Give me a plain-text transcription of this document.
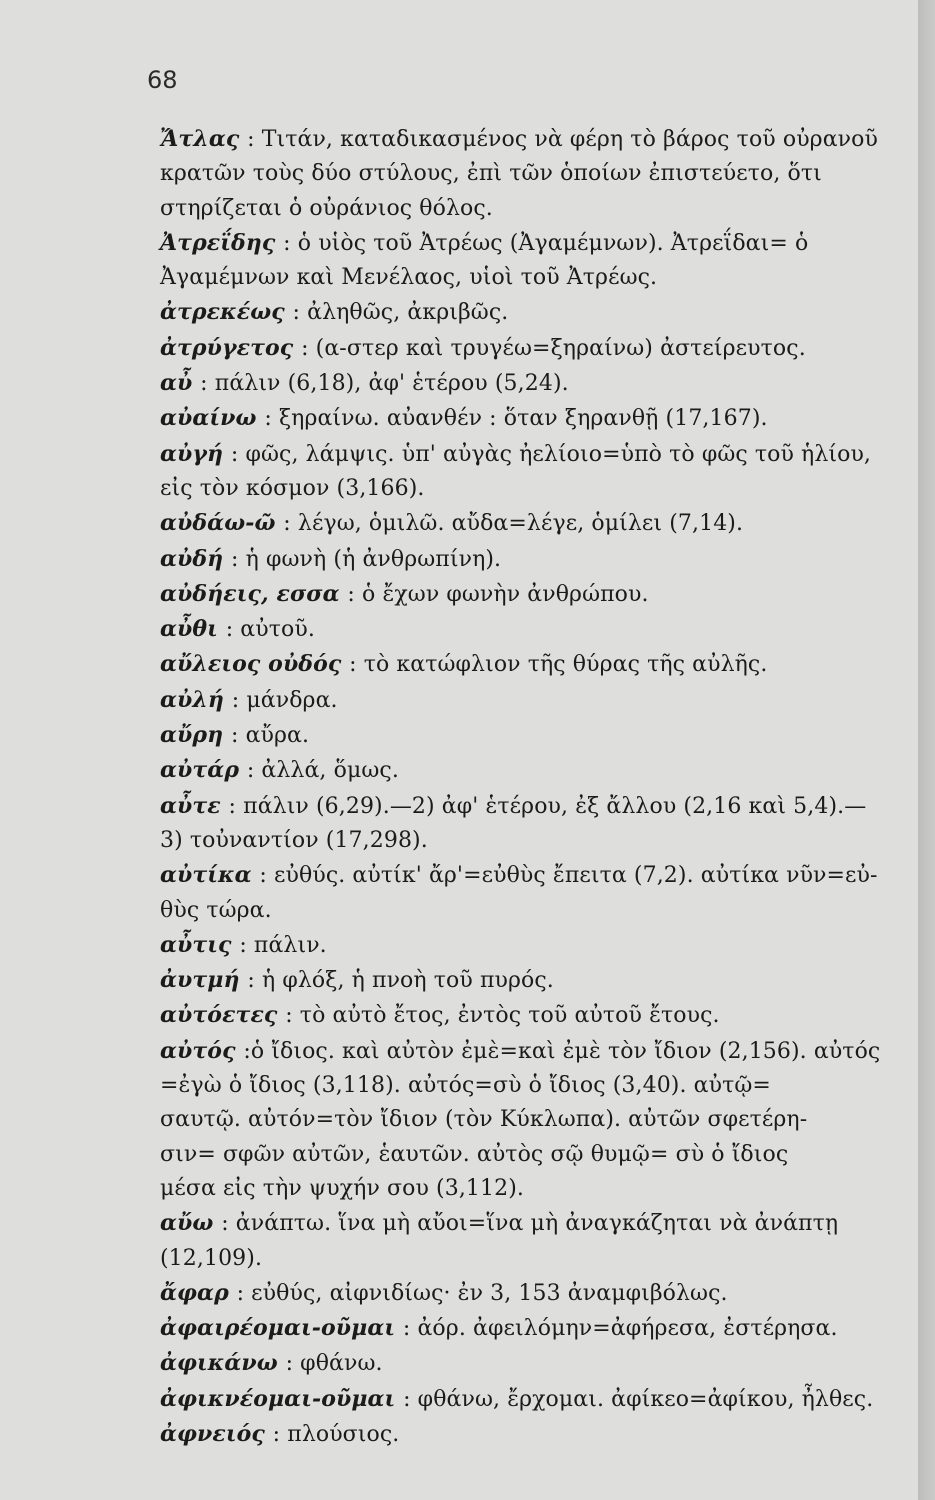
68
Ἄτλας : Τιτάν, καταδικασμένος νὰ φέρη τὸ βάρος τοῦ οὐρανοῦ
κρατῶν τοὺς δύο στύλους, ἐπὶ τῶν ὁποίων ἐπιστεύετο, ὅτι
στηρίζεται ὁ οὐράνιος θόλος.
Ἀτρεΐδης : ὁ υἱὸς τοῦ Ἀτρέως (Ἀγαμέμνων). Ἀτρεΐδαι= ὁ
Ἀγαμέμνων καὶ Μενέλαος, υἱοὶ τοῦ Ἀτρέως.
ἀτρεκέως : ἀληθῶς, ἀκριβῶς.
ἀτρύγετος : (α-στερ καὶ τρυγέω=ξηραίνω) ἀστείρευτος.
αὖ : πάλιν (6,18), ἀφ' ἑτέρου (5,24).
αὐαίνω : ξηραίνω. αὐανθέν : ὅταν ξηρανθῇ (17,167).
αὐγή : φῶς, λάμψις. ὑπ' αὐγὰς ἠελίοιο=ὑπὸ τὸ φῶς τοῦ ἡλίου,
εἰς τὸν κόσμον (3,166).
αὐδάω-ῶ : λέγω, ὁμιλῶ. αὔδα=λέγε, ὁμίλει (7,14).
αὐδή : ἡ φωνὴ (ἡ ἀνθρωπίνη).
αὐδήεις, εσσα : ὁ ἔχων φωνὴν ἀνθρώπου.
αὖθι : αὐτοῦ.
αὔλειος οὐδός : τὸ κατώφλιον τῆς θύρας τῆς αὐλῆς.
αὐλή : μάνδρα.
αὔρη : αὔρα.
αὐτάρ : ἀλλά, ὅμως.
αὖτε : πάλιν (6,29).—2) ἀφ' ἑτέρου, ἐξ ἄλλου (2,16 καὶ 5,4).—
3) τοὐναντίον (17,298).
αὐτίκα : εὐθύς. αὐτίκ' ἄρ'=εὐθὺς ἔπειτα (7,2). αὐτίκα νῦν=εὐ-
θὺς τώρα.
αὖτις : πάλιν.
ἀυτμή : ἡ φλόξ, ἡ πνοὴ τοῦ πυρός.
αὐτόετες : τὸ αὐτὸ ἔτος, ἐντὸς τοῦ αὐτοῦ ἔτους.
αὐτός :ὁ ἴδιος. καὶ αὐτὸν ἐμὲ=καὶ ἐμὲ τὸν ἴδιον (2,156). αὐτός
=ἐγὼ ὁ ἴδιος (3,118). αὐτός=σὺ ὁ ἴδιος (3,40). αὐτῷ=
σαυτῷ. αὐτόν=τὸν ἴδιον (τὸν Κύκλωπα). αὐτῶν σφετέρη-
σιν= σφῶν αὐτῶν, ἑαυτῶν. αὐτὸς σῷ θυμῷ= σὺ ὁ ἴδιος
μέσα εἰς τὴν ψυχήν σου (3,112).
αὔω : ἀνάπτω. ἵνα μὴ αὔοι=ἵνα μὴ ἀναγκάζηται νὰ ἀνάπτῃ
(12,109).
ἄφαρ : εὐθύς, αἰφνιδίως· ἐν 3, 153 ἀναμφιβόλως.
ἀφαιρέομαι-οῦμαι : ἀόρ. ἀφειλόμην=ἀφήρεσα, ἐστέρησα.
ἀφικάνω : φθάνω.
ἀφικνέομαι-οῦμαι : φθάνω, ἔρχομαι. ἀφίκεο=ἀφίκου, ἦλθες.
ἀφνειός : πλούσιος.
